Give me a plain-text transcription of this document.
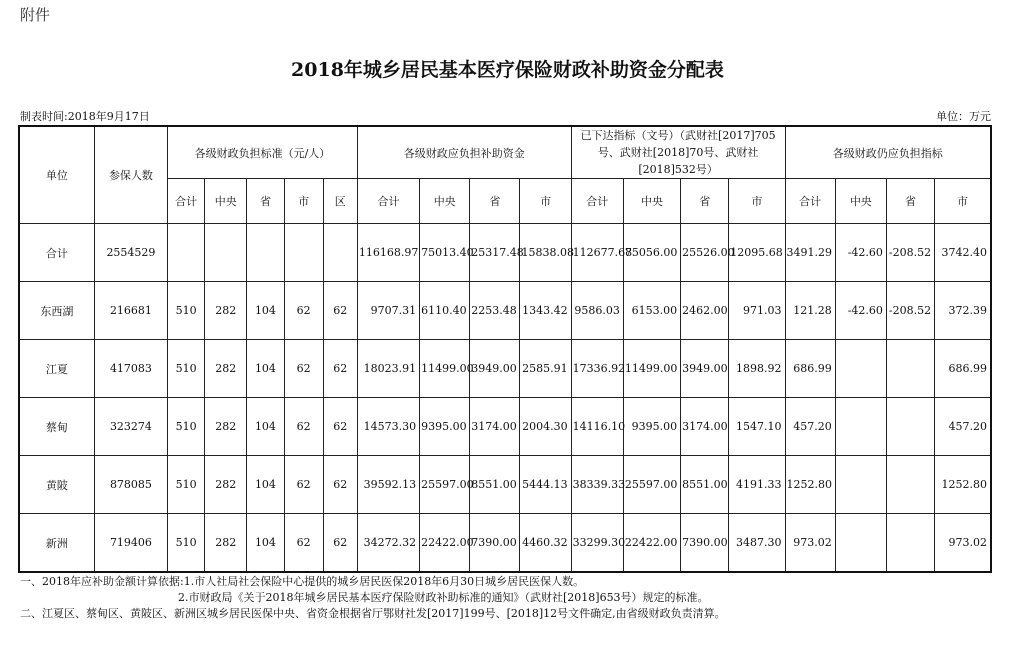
附件
2018年城乡居民基本医疗保险财政补助资金分配表
制表时间:2018年9月17日	单位：万元
单位	参保人数	各级财政负担标准（元/人）					各级财政应负担补助资金				已下达指标（文号）（武财社[2017]705号、武财社[2018]70号、武财社[2018]532号）				各级财政仍应负担指标			
		合计	中央	省	市	区	合计	中央	省	市	合计	中央	省	市	合计	中央	省	市
合计	2554529						116168.97	75013.40	25317.48	15838.08	112677.68	75056.00	25526.00	12095.68	3491.29	-42.60	-208.52	3742.40
东西湖	216681	510	282	104	62	62	9707.31	6110.40	2253.48	1343.42	9586.03	6153.00	2462.00	971.03	121.28	-42.60	-208.52	372.39
江夏	417083	510	282	104	62	62	18023.91	11499.00	3949.00	2585.91	17336.92	11499.00	3949.00	1898.92	686.99			686.99
蔡甸	323274	510	282	104	62	62	14573.30	9395.00	3174.00	2004.30	14116.10	9395.00	3174.00	1547.10	457.20			457.20
黄陂	878085	510	282	104	62	62	39592.13	25597.00	8551.00	5444.13	38339.33	25597.00	8551.00	4191.33	1252.80			1252.80
新洲	719406	510	282	104	62	62	34272.32	22422.00	7390.00	4460.32	33299.30	22422.00	7390.00	3487.30	973.02			973.02
一、2018年应补助金额计算依据:1.市人社局社会保险中心提供的城乡居民医保2018年6月30日城乡居民医保人数。
2.市财政局《关于2018年城乡居民基本医疗保险财政补助标准的通知》（武财社[2018]653号）规定的标准。
二、江夏区、蔡甸区、黄陂区、新洲区城乡居民医保中央、省资金根据省厅鄂财社发[2017]199号、[2018]12号文件确定,由省级财政负责清算。
